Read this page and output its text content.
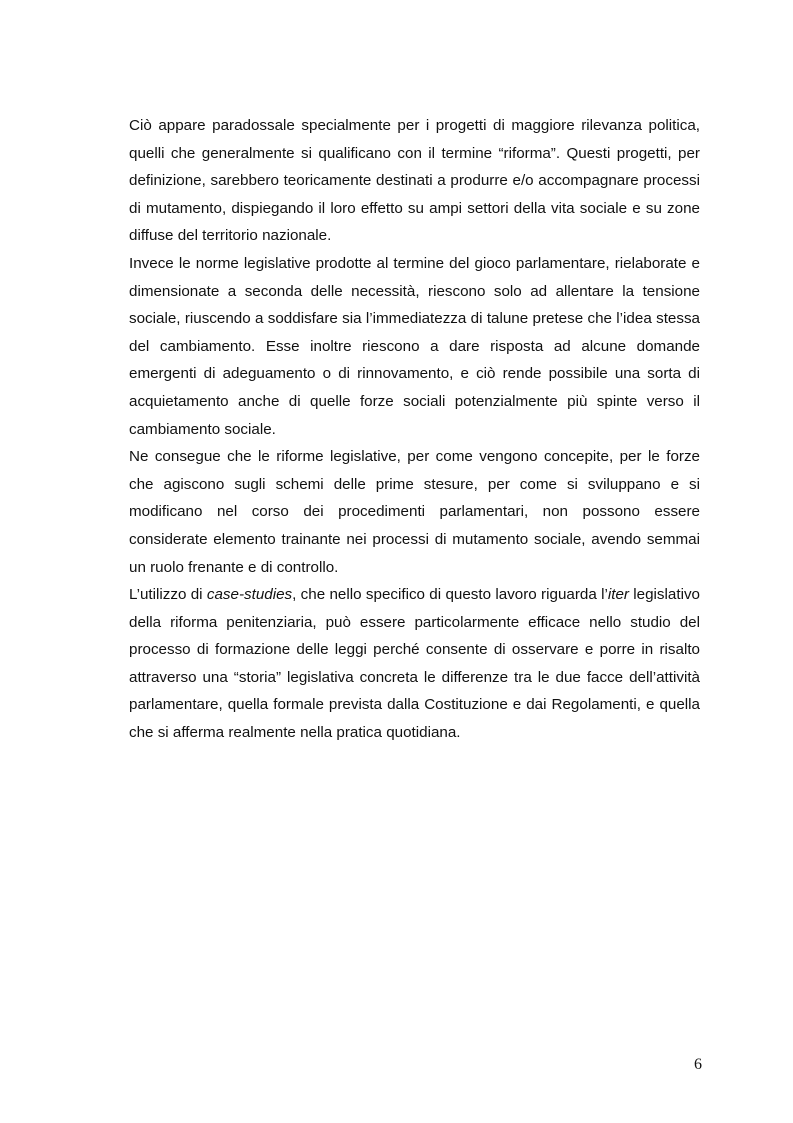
Ciò appare paradossale specialmente per i progetti di maggiore rilevanza politica, quelli che generalmente si qualificano con il termine “riforma”. Questi progetti, per definizione, sarebbero teoricamente destinati a produrre e/o accompagnare processi di mutamento, dispiegando il loro effetto su ampi settori della vita sociale e su zone diffuse del territorio nazionale.

Invece le norme legislative prodotte al termine del gioco parlamentare, rielaborate e dimensionate a seconda delle necessità, riescono solo ad allentare la tensione sociale, riuscendo a soddisfare sia l’immediatezza di talune pretese che l’idea stessa del cambiamento. Esse inoltre riescono a dare risposta ad alcune domande emergenti di adeguamento o di rinnovamento, e ciò rende possibile una sorta di acquietamento anche di quelle forze sociali potenzialmente più spinte verso il cambiamento sociale.

Ne consegue che le riforme legislative, per come vengono concepite, per le forze che agiscono sugli schemi delle prime stesure, per come si sviluppano e si modificano nel corso dei procedimenti parlamentari, non possono essere considerate elemento trainante nei processi di mutamento sociale, avendo semmai un ruolo frenante e di controllo.

L’utilizzo di case-studies, che nello specifico di questo lavoro riguarda l’iter legislativo della riforma penitenziaria, può essere particolarmente efficace nello studio del processo di formazione delle leggi perché consente di osservare e porre in risalto attraverso una “storia” legislativa concreta le differenze tra le due facce dell’attività parlamentare, quella formale prevista dalla Costituzione e dai Regolamenti, e quella che si afferma realmente nella pratica quotidiana.

6
